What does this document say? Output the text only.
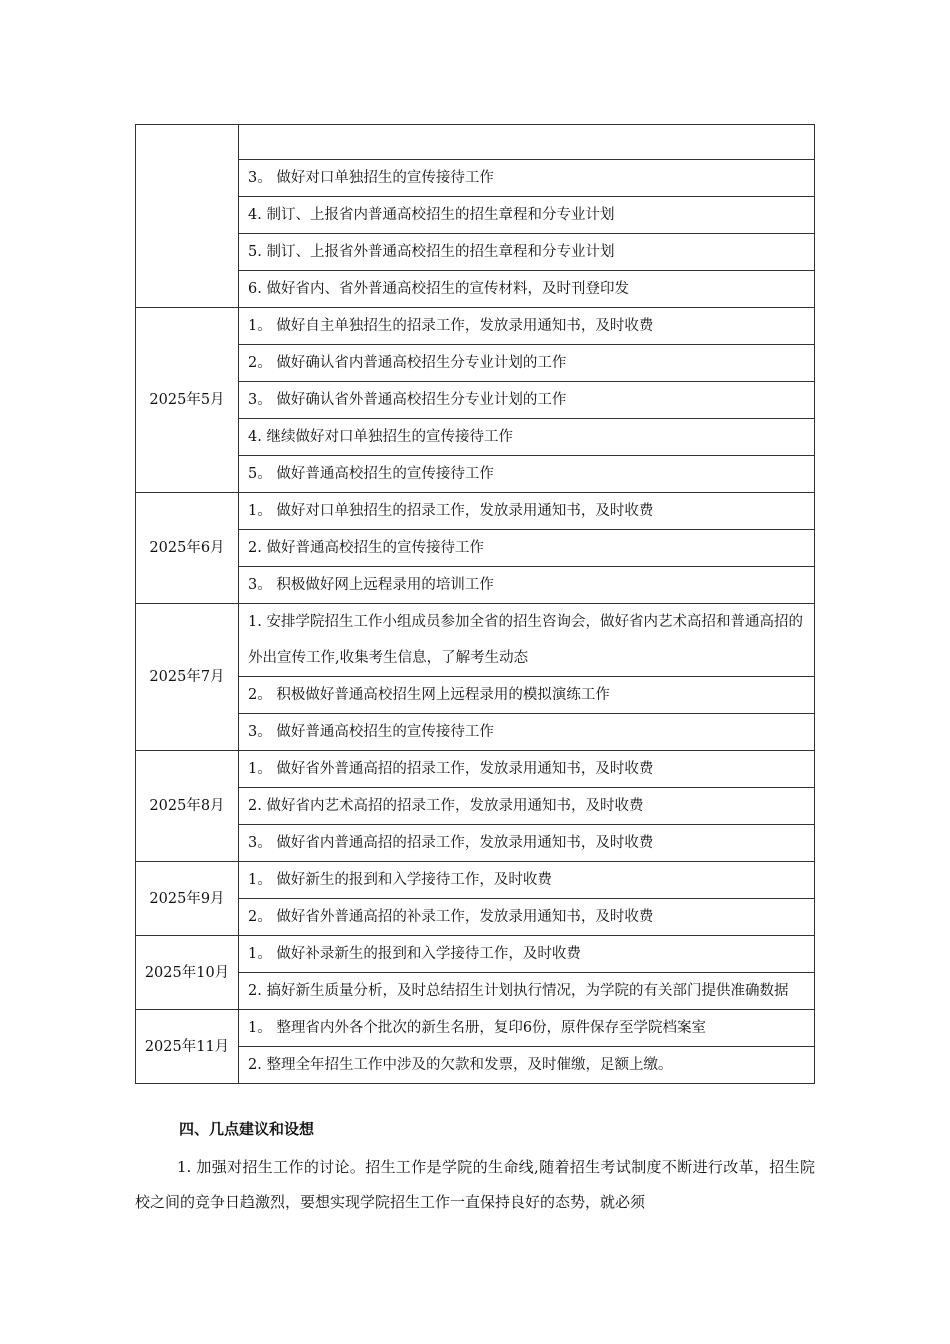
	3。 做好对口单独招生的宣传接待工作
	4. 制订、上报省内普通高校招生的招生章程和分专业计划
	5. 制订、上报省外普通高校招生的招生章程和分专业计划
	6. 做好省内、省外普通高校招生的宣传材料，及时刊登印发
2025年5月	1。 做好自主单独招生的招录工作，发放录用通知书，及时收费
	2。 做好确认省内普通高校招生分专业计划的工作
	3。 做好确认省外普通高校招生分专业计划的工作
	4. 继续做好对口单独招生的宣传接待工作
	5。 做好普通高校招生的宣传接待工作
2025年6月	1。 做好对口单独招生的招录工作，发放录用通知书，及时收费
	2. 做好普通高校招生的宣传接待工作
	3。 积极做好网上远程录用的培训工作
2025年7月	1. 安排学院招生工作小组成员参加全省的招生咨询会，做好省内艺术高招和普通高招的外出宣传工作,收集考生信息，了解考生动态
	2。 积极做好普通高校招生网上远程录用的模拟演练工作
	3。 做好普通高校招生的宣传接待工作
2025年8月	1。 做好省外普通高招的招录工作，发放录用通知书，及时收费
	2. 做好省内艺术高招的招录工作，发放录用通知书，及时收费
	3。 做好省内普通高招的招录工作，发放录用通知书，及时收费
2025年9月	1。 做好新生的报到和入学接待工作，及时收费
	2。 做好省外普通高招的补录工作，发放录用通知书，及时收费
2025年10月	1。 做好补录新生的报到和入学接待工作，及时收费
	2. 搞好新生质量分析，及时总结招生计划执行情况，为学院的有关部门提供准确数据
2025年11月	1。 整理省内外各个批次的新生名册，复印6份，原件保存至学院档案室
	2. 整理全年招生工作中涉及的欠款和发票，及时催缴，足额上缴。

四、几点建议和设想

1. 加强对招生工作的讨论。招生工作是学院的生命线,随着招生考试制度不断进行改革，招生院校之间的竞争日趋激烈，要想实现学院招生工作一直保持良好的态势，就必须
